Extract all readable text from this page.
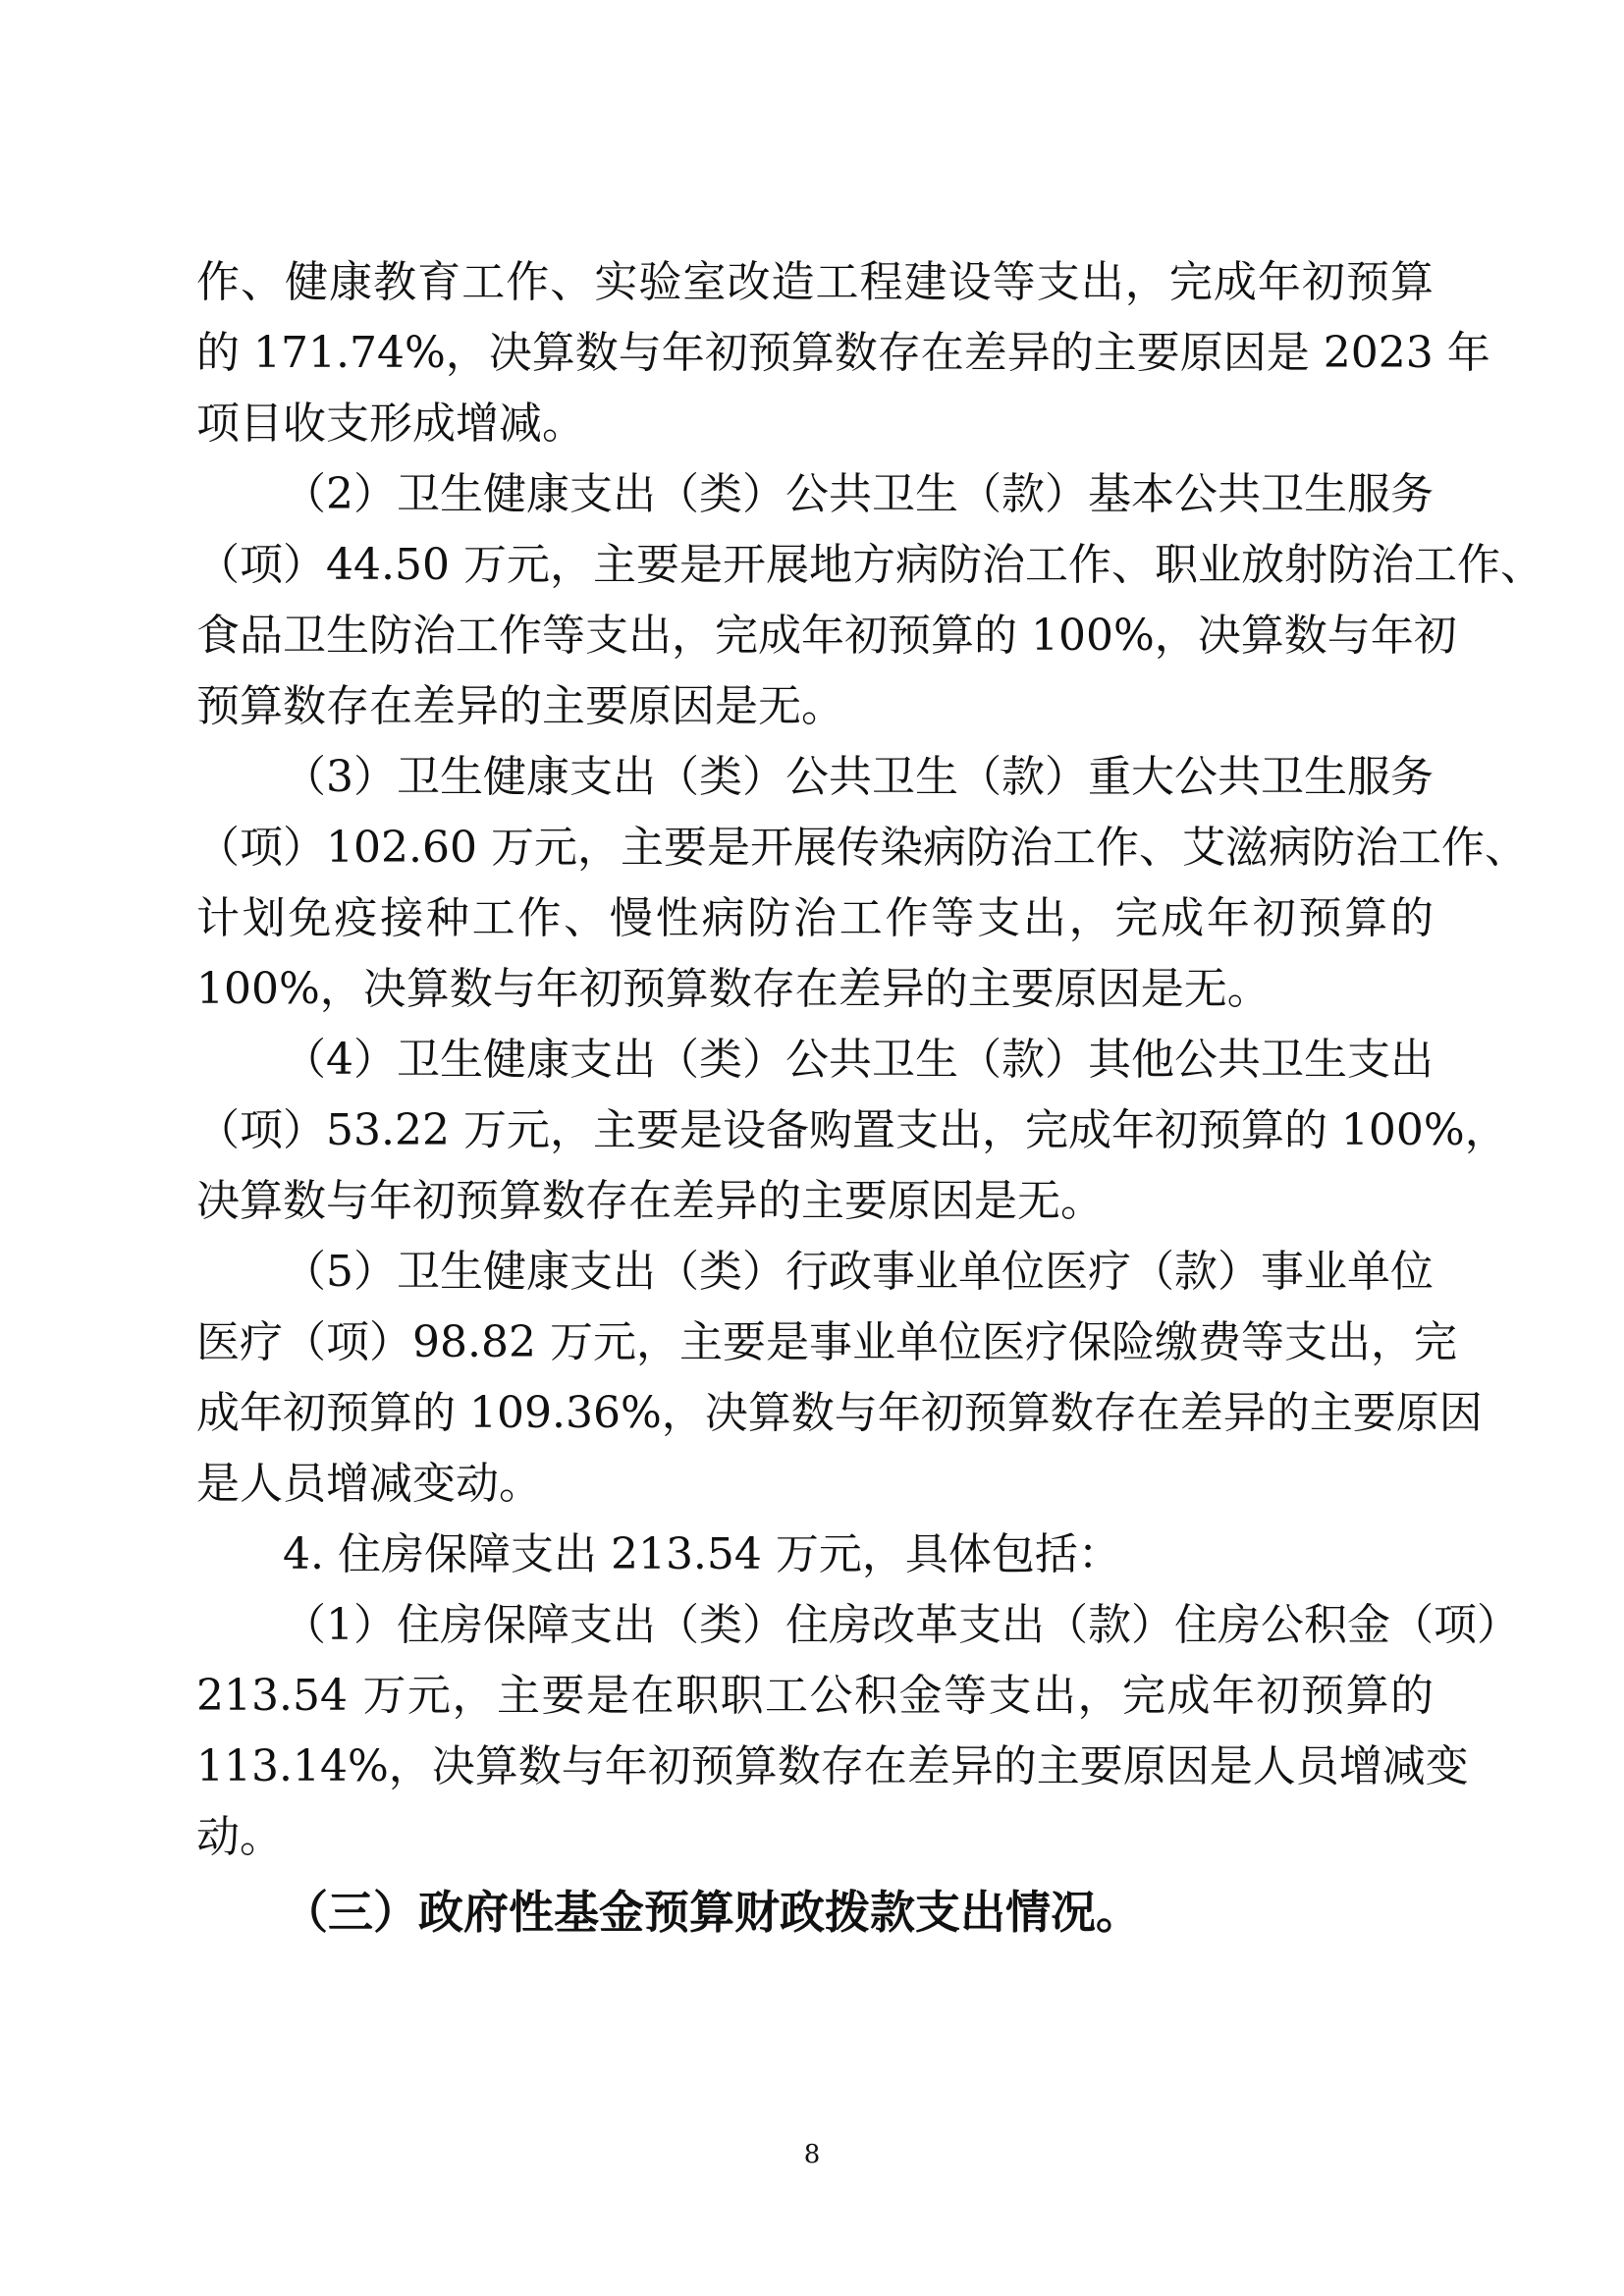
作、健康教育工作、实验室改造工程建设等支出，完成年初预算
的 171.74%，决算数与年初预算数存在差异的主要原因是 2023 年
项目收支形成增减。
（2）卫生健康支出（类）公共卫生（款）基本公共卫生服务
（项）44.50 万元，主要是开展地方病防治工作、职业放射防治工作、
食品卫生防治工作等支出，完成年初预算的 100%，决算数与年初
预算数存在差异的主要原因是无。
（3）卫生健康支出（类）公共卫生（款）重大公共卫生服务
（项）102.60 万元，主要是开展传染病防治工作、艾滋病防治工作、
计划免疫接种工作、慢性病防治工作等支出，完成年初预算的
100%，决算数与年初预算数存在差异的主要原因是无。
（4）卫生健康支出（类）公共卫生（款）其他公共卫生支出
（项）53.22 万元，主要是设备购置支出，完成年初预算的 100%，
决算数与年初预算数存在差异的主要原因是无。
（5）卫生健康支出（类）行政事业单位医疗（款）事业单位
医疗（项）98.82 万元，主要是事业单位医疗保险缴费等支出，完
成年初预算的 109.36%，决算数与年初预算数存在差异的主要原因
是人员增减变动。
4. 住房保障支出 213.54 万元，具体包括：
（1）住房保障支出（类）住房改革支出（款）住房公积金（项）
213.54 万元，主要是在职职工公积金等支出，完成年初预算的
113.14%，决算数与年初预算数存在差异的主要原因是人员增减变
动。
（三）政府性基金预算财政拨款支出情况。
8
